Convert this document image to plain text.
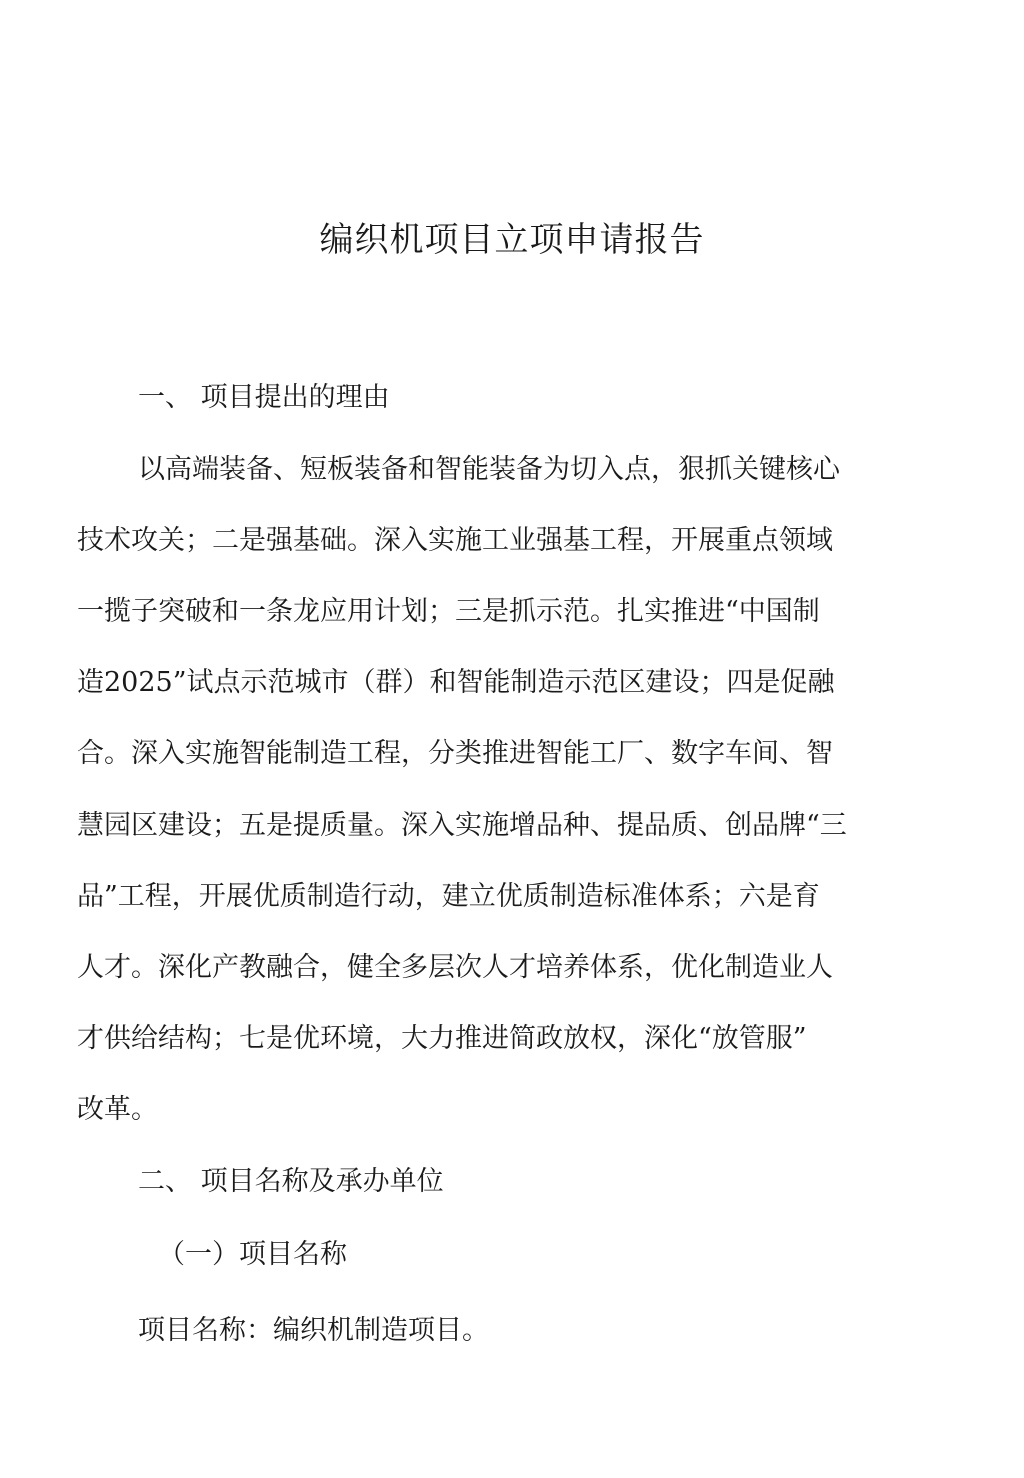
编织机项目立项申请报告
一、 项目提出的理由

以高端装备、短板装备和智能装备为切入点，狠抓关键核心

技术攻关；二是强基础。深入实施工业强基工程，开展重点领域

一揽子突破和一条龙应用计划；三是抓示范。扎实推进“中国制

造2025”试点示范城市（群）和智能制造示范区建设；四是促融

合。深入实施智能制造工程，分类推进智能工厂、数字车间、智

慧园区建设；五是提质量。深入实施增品种、提品质、创品牌“三

品”工程，开展优质制造行动，建立优质制造标准体系；六是育

人才。深化产教融合，健全多层次人才培养体系，优化制造业人

才供给结构；七是优环境，大力推进简政放权，深化“放管服”

改革。

二、 项目名称及承办单位
（一）项目名称

项目名称：编织机制造项目。
